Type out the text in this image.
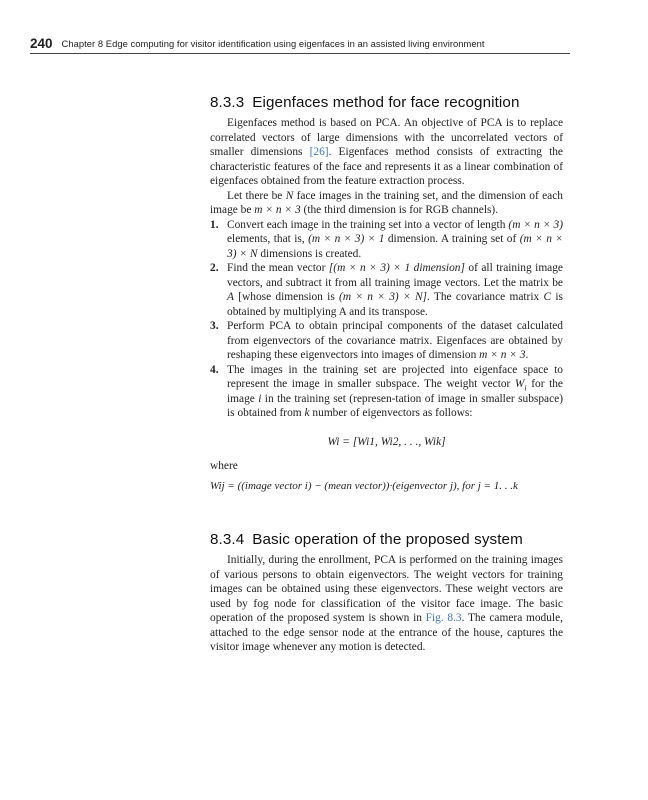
240 Chapter 8 Edge computing for visitor identification using eigenfaces in an assisted living environment
8.3.3 Eigenfaces method for face recognition

Eigenfaces method is based on PCA. An objective of PCA is to replace correlated vectors of large dimensions with the uncorrelated vectors of smaller dimensions [26]. Eigenfaces method consists of extracting the characteristic features of the face and represents it as a linear combination of eigenfaces obtained from the feature extraction process.

Let there be N face images in the training set, and the dimension of each image be m × n × 3 (the third dimension is for RGB channels).

1. Convert each image in the training set into a vector of length (m × n × 3) elements, that is, (m × n × 3) × 1 dimension. A training set of (m × n × 3) × N dimensions is created.
2. Find the mean vector [(m × n × 3) × 1 dimension] of all training image vectors, and subtract it from all training image vectors. Let the matrix be A [whose dimension is (m × n × 3) × N]. The covariance matrix C is obtained by multiplying A and its transpose.
3. Perform PCA to obtain principal components of the dataset calculated from eigenvectors of the covariance matrix. Eigenfaces are obtained by reshaping these eigenvectors into images of dimension m × n × 3.
4. The images in the training set are projected into eigenface space to represent the image in smaller subspace. The weight vector $W_i$ for the image i in the training set (represen-tation of image in smaller subspace) is obtained from k number of eigenvectors as follows:
Wi = [Wi1, Wi2, . . ., Wik]

where

Wij = ((image vector i) − (mean vector))·(eigenvector j), for j = 1. . .k
8.3.4 Basic operation of the proposed system

Initially, during the enrollment, PCA is performed on the training images of various persons to obtain eigenvectors. The weight vectors for training images can be obtained using these eigenvectors. These weight vectors are used by fog node for classification of the visitor face image. The basic operation of the proposed system is shown in Fig. 8.3. The camera module, attached to the edge sensor node at the entrance of the house, captures the visitor image whenever any motion is detected.
